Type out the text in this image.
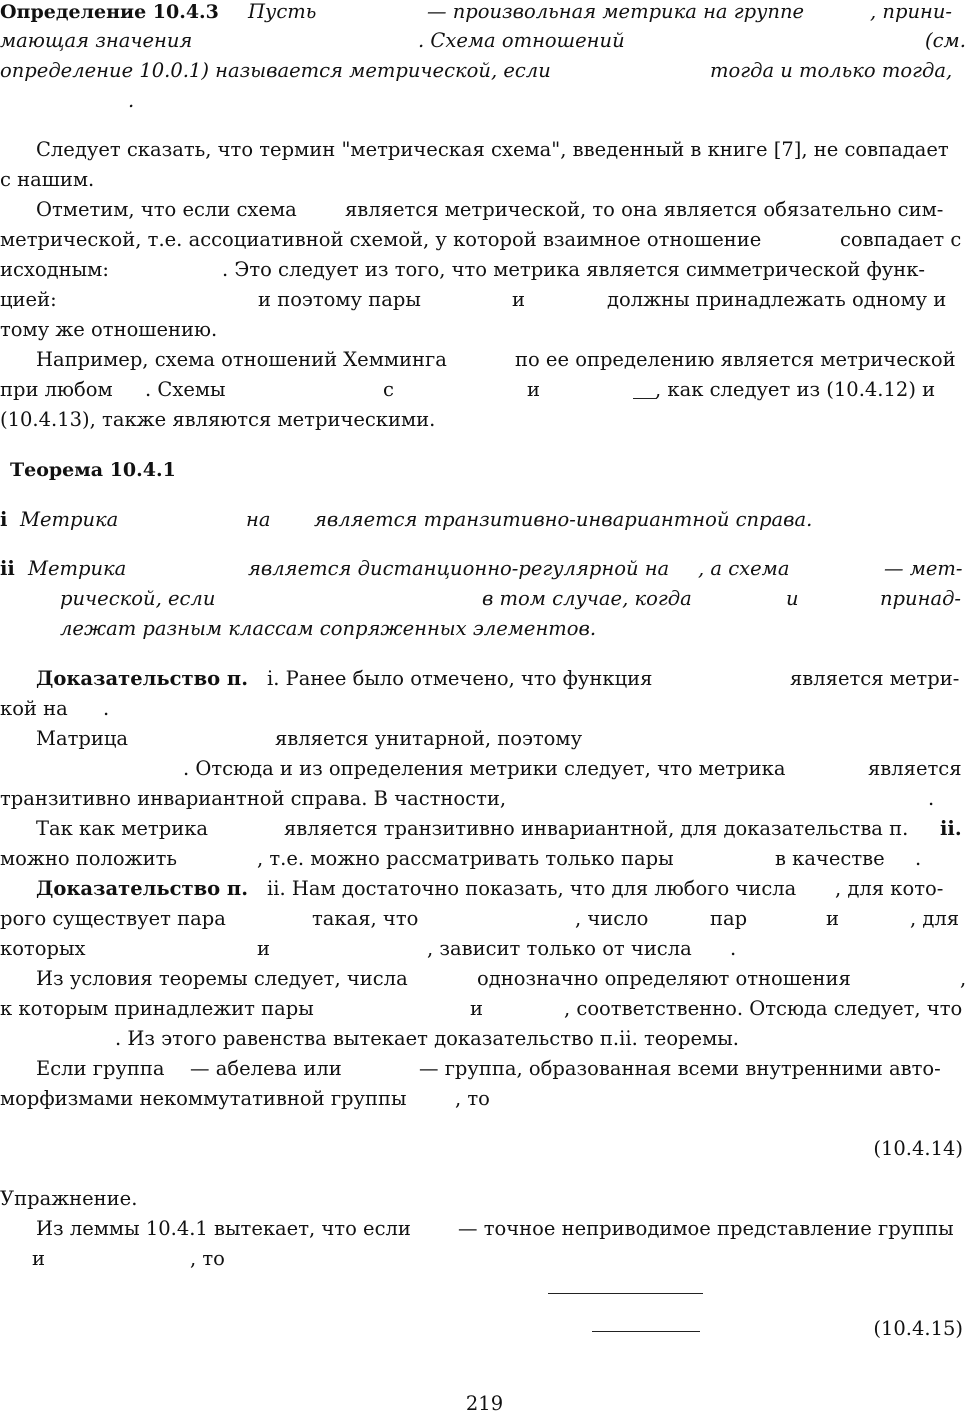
Определение 10.4.3 Пусть	— произвольная метрика на группе	, прини-
мающая значения	. Схема отношений	(см.
определение 10.0.1) называется метрической, если	тогда и только тогда,
.
Следует сказать, что термин "метрическая схема", введенный в книге [7], не совпадает
с нашим.
Отметим, что если схема является метрической, то она является обязательно сим-
метрической, т.е. ассоциативной схемой, у которой взаимное отношение	совпадает с
исходным:	. Это следует из того, что метрика является симметрической функ-
цией:	и поэтому пары	и	должны принадлежать одному и
тому же отношению.
Например, схема отношений Хемминга	по ее определению является метрической
при любом . Схемы	с	и	, как следует из (10.4.12) и
(10.4.13), также являются метрическими.
Теорема 10.4.1
i Метрика	на является транзитивно-инвариантной справа.
ii Метрика	является дистанционно-регулярной на , а схема	— мет-
рической, если	в том случае, когда	и	принад-
лежат разным классам сопряженных элементов.
Доказательство п. i. Ранее было отмечено, что функция	является метри-
кой на .
Матрица	является унитарной, поэтому
. Отсюда и из определения метрики следует, что метрика	является
транзитивно инвариантной справа. В частности,	.
Так как метрика	является транзитивно инвариантной, для доказательства п. ii.
можно положить	, т.е. можно рассматривать только пары	в качестве .
Доказательство п. ii. Нам достаточно показать, что для любого числа , для кото-
рого существует пара	такая, что	, число	пар	и	, для
которых	и	, зависит только от числа .
Из условия теоремы следует, числа	однозначно определяют отношения	,
к которым принадлежит пары	и	, соответственно. Отсюда следует, что
. Из этого равенства вытекает доказательство п.ii. теоремы.
Если группа — абелева или	— группа, образованная всеми внутренними авто-
морфизмами некоммутативной группы , то
(10.4.14)
Упражнение.
Из леммы 10.4.1 вытекает, что если — точное неприводимое представление группы
и	, то
(10.4.15)
219
